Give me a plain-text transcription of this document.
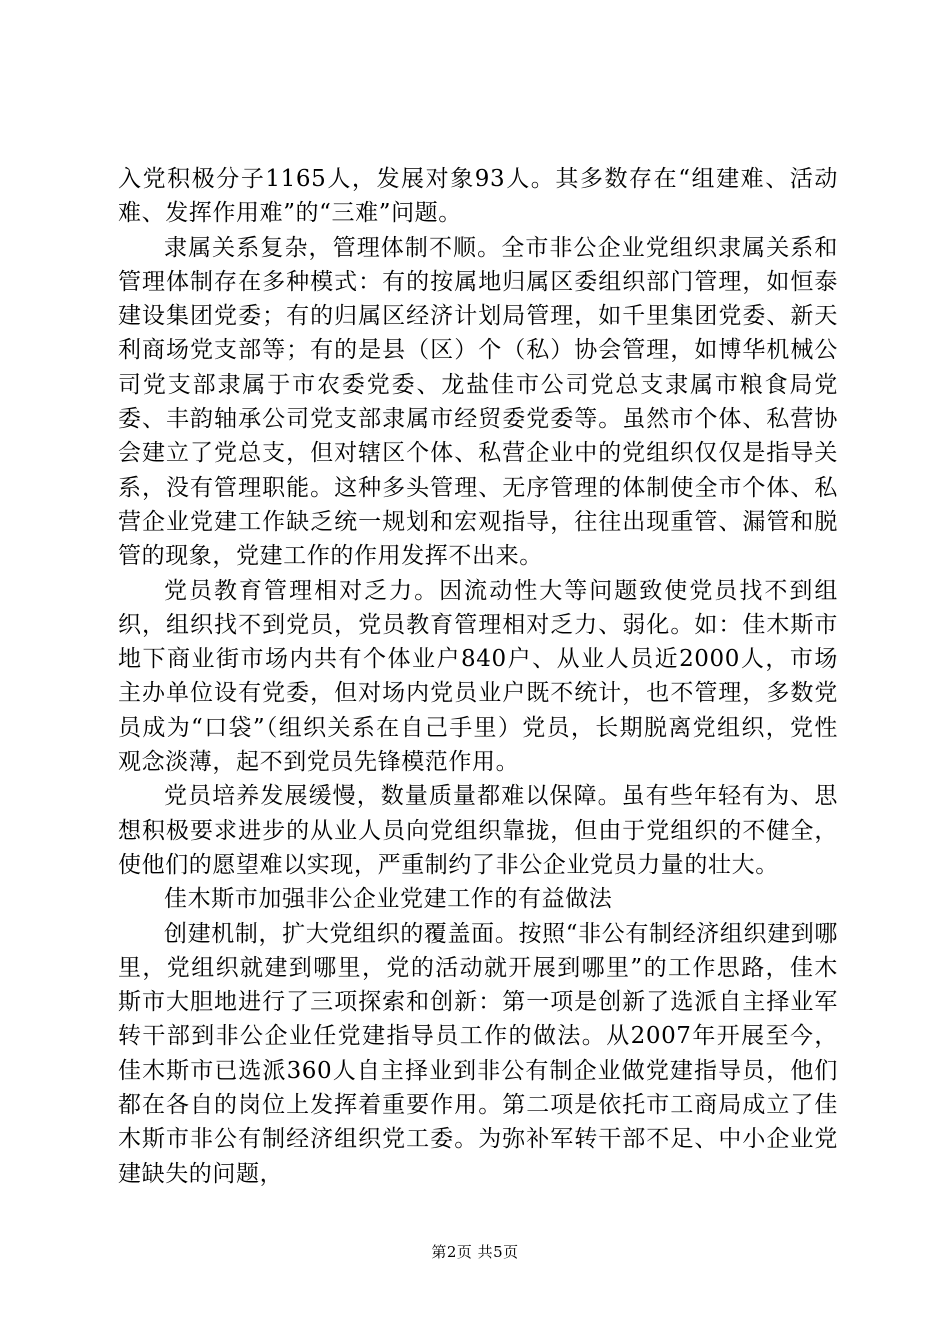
入党积极分子1165人，发展对象93人。其多数存在“组建难、活动难、发挥作用难”的“三难”问题。

隶属关系复杂，管理体制不顺。全市非公企业党组织隶属关系和管理体制存在多种模式：有的按属地归属区委组织部门管理，如恒泰建设集团党委；有的归属区经济计划局管理，如千里集团党委、新天利商场党支部等；有的是县（区）个（私）协会管理，如博华机械公司党支部隶属于市农委党委、龙盐佳市公司党总支隶属市粮食局党委、丰韵轴承公司党支部隶属市经贸委党委等。虽然市个体、私营协会建立了党总支，但对辖区个体、私营企业中的党组织仅仅是指导关系，没有管理职能。这种多头管理、无序管理的体制使全市个体、私营企业党建工作缺乏统一规划和宏观指导，往往出现重管、漏管和脱管的现象，党建工作的作用发挥不出来。

党员教育管理相对乏力。因流动性大等问题致使党员找不到组织，组织找不到党员，党员教育管理相对乏力、弱化。如：佳木斯市地下商业街市场内共有个体业户840户、从业人员近2000人，市场主办单位设有党委，但对场内党员业户既不统计，也不管理，多数党员成为“口袋”（组织关系在自己手里）党员，长期脱离党组织，党性观念淡薄，起不到党员先锋模范作用。

党员培养发展缓慢，数量质量都难以保障。虽有些年轻有为、思想积极要求进步的从业人员向党组织靠拢，但由于党组织的不健全，使他们的愿望难以实现，严重制约了非公企业党员力量的壮大。

佳木斯市加强非公企业党建工作的有益做法

创建机制，扩大党组织的覆盖面。按照“非公有制经济组织建到哪里，党组织就建到哪里，党的活动就开展到哪里”的工作思路，佳木斯市大胆地进行了三项探索和创新：第一项是创新了选派自主择业军转干部到非公企业任党建指导员工作的做法。从2007年开展至今，佳木斯市已选派360人自主择业到非公有制企业做党建指导员，他们都在各自的岗位上发挥着重要作用。第二项是依托市工商局成立了佳木斯市非公有制经济组织党工委。为弥补军转干部不足、中小企业党建缺失的问题，

第2页 共5页
